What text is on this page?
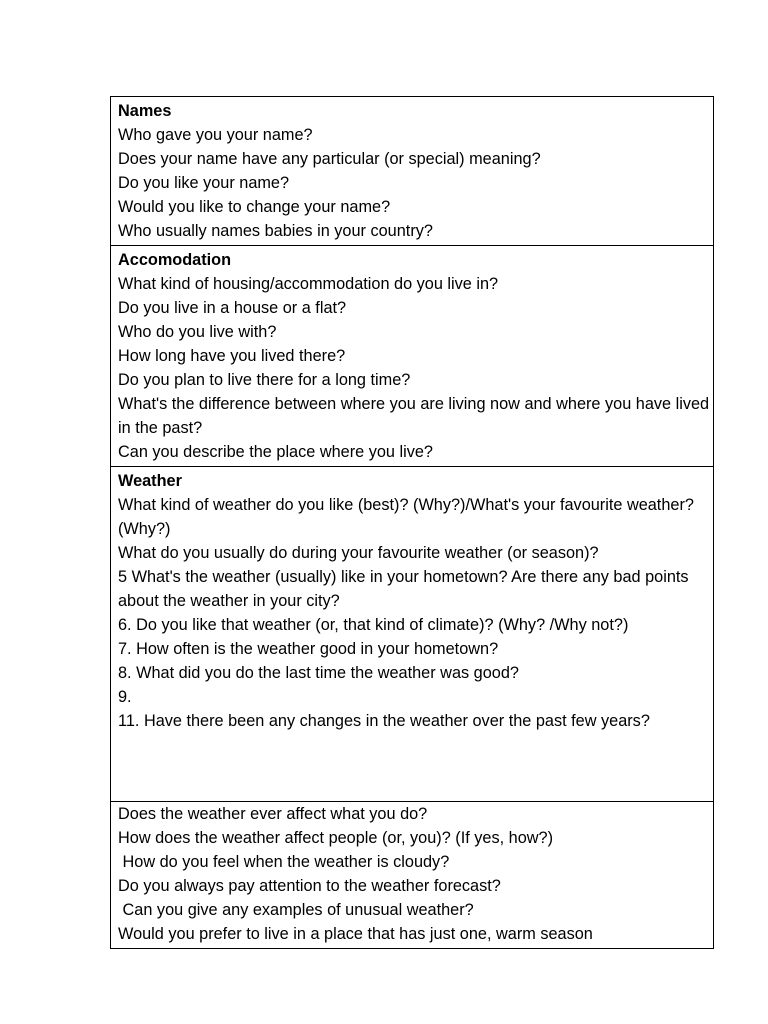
Names
Who gave you your name?
Does your name have any particular (or special) meaning?
Do you like your name?
Would you like to change your name?
Who usually names babies in your country?

Accomodation
What kind of housing/accommodation do you live in?
Do you live in a house or a flat?
Who do you live with?
How long have you lived there?
Do you plan to live there for a long time?
What's the difference between where you are living now and where you have lived in the past?
Can you describe the place where you live?

Weather
What kind of weather do you like (best)? (Why?)/What's your favourite weather? (Why?)
What do you usually do during your favourite weather (or season)?
5 What's the weather (usually) like in your hometown? Are there any bad points about the weather in your city?
6. Do you like that weather (or, that kind of climate)? (Why? /Why not?)
7. How often is the weather good in your hometown?
8. What did you do the last time the weather was good?
9.
11. Have there been any changes in the weather over the past few years?

Does the weather ever affect what you do?
How does the weather affect people (or, you)? (If yes, how?)
How do you feel when the weather is cloudy?
Do you always pay attention to the weather forecast?
Can you give any examples of unusual weather?
Would you prefer to live in a place that has just one, warm season
